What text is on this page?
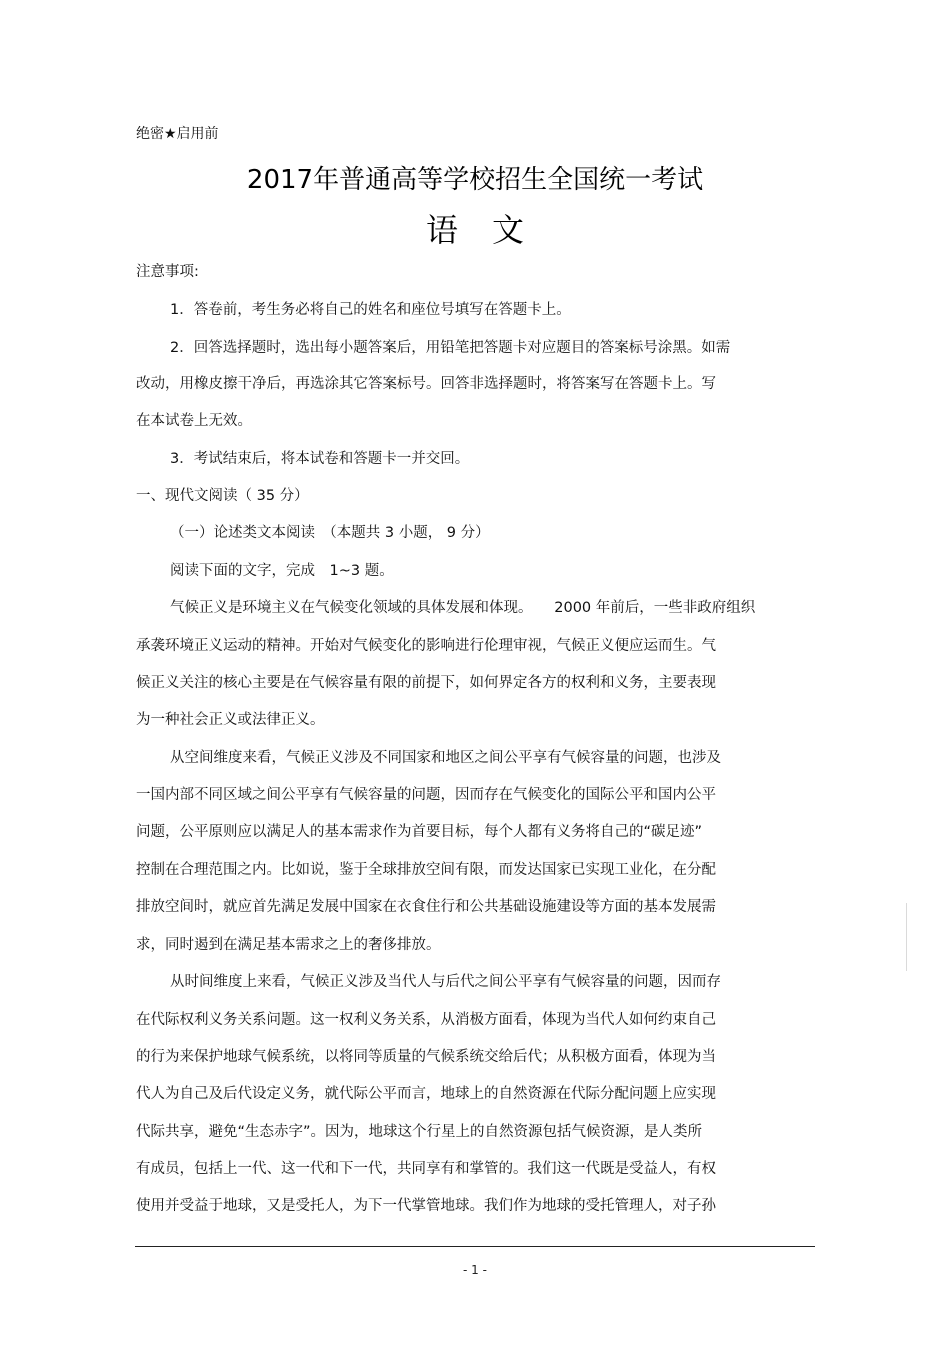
绝密★启用前
2017年普通高等学校招生全国统一考试
语文
注意事项:
1．答卷前，考生务必将自己的姓名和座位号填写在答题卡上。
2．回答选择题时，选出每小题答案后，用铅笔把答题卡对应题目的答案标号涂黑。如需
改动，用橡皮擦干净后，再选涂其它答案标号。回答非选择题时，将答案写在答题卡上。写
在本试卷上无效。
3．考试结束后，将本试卷和答题卡一并交回。
一、现代文阅读（ 35 分）
（一）论述类文本阅读　（本题共 3 小题， 9 分）
阅读下面的文字，完成　1~3 题。
气候正义是环境主义在气候变化领域的具体发展和体现。　　2000 年前后，一些非政府组织
承袭环境正义运动的精神。开始对气候变化的影响进行伦理审视，气候正义便应运而生。气
候正义关注的核心主要是在气候容量有限的前提下，如何界定各方的权利和义务，主要表现
为一种社会正义或法律正义。
从空间维度来看，气候正义涉及不同国家和地区之间公平享有气候容量的问题，也涉及
一国内部不同区域之间公平享有气候容量的问题，因而存在气候变化的国际公平和国内公平
问题，公平原则应以满足人的基本需求作为首要目标，每个人都有义务将自己的“碳足迹”
控制在合理范围之内。比如说，鉴于全球排放空间有限，而发达国家已实现工业化，在分配
排放空间时，就应首先满足发展中国家在衣食住行和公共基础设施建设等方面的基本发展需
求，同时遏到在满足基本需求之上的奢侈排放。
从时间维度上来看，气候正义涉及当代人与后代之间公平享有气候容量的问题，因而存
在代际权利义务关系问题。这一权利义务关系，从消极方面看，体现为当代人如何约束自己
的行为来保护地球气候系统，以将同等质量的气候系统交给后代；从积极方面看，体现为当
代人为自己及后代设定义务，就代际公平而言，地球上的自然资源在代际分配问题上应实现
代际共享，避免“生态赤字”。因为，地球这个行星上的自然资源包括气候资源，是人类所
有成员，包括上一代、这一代和下一代，共同享有和掌管的。我们这一代既是受益人，有权
使用并受益于地球，又是受托人，为下一代掌管地球。我们作为地球的受托管理人，对子孙
- 1 -
